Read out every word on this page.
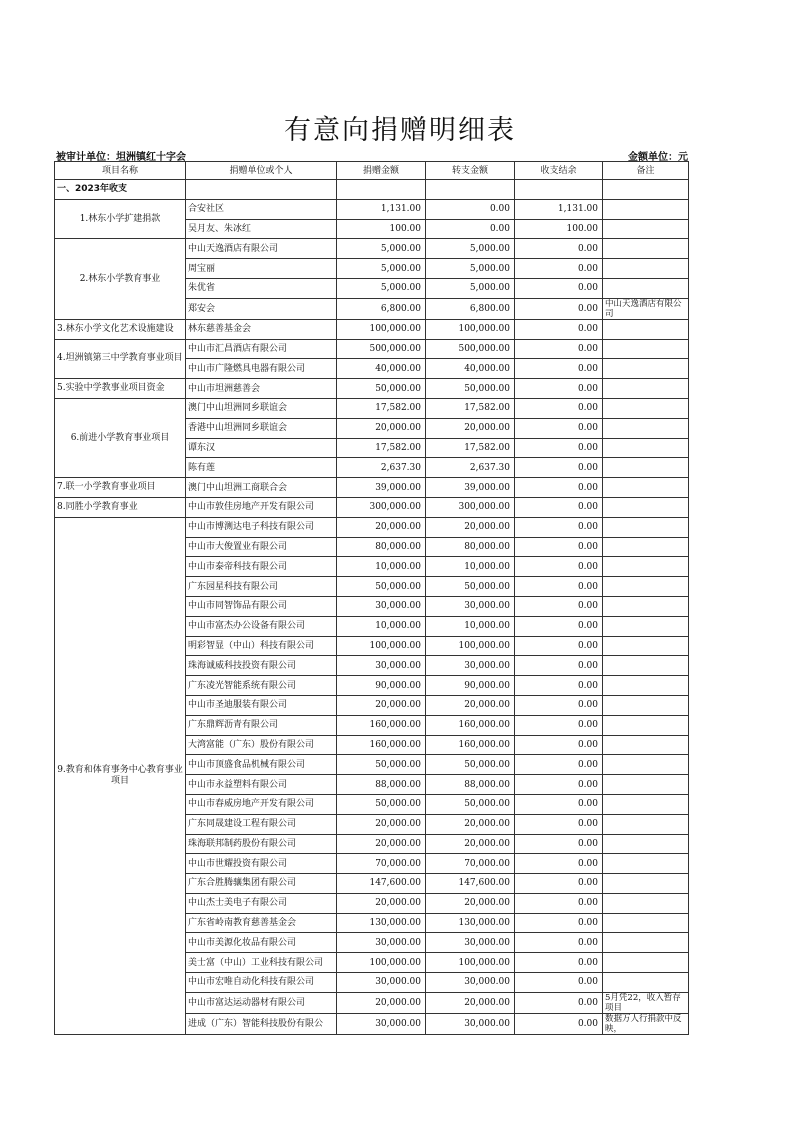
有意向捐赠明细表
被审计单位：坦洲镇红十字会	金额单位：元
项目名称	捐赠单位或个人	捐赠金额	转支金额	收支结余	备注
一、2023年收支					
1.林东小学扩建捐款	合安社区	1,131.00	0.00	1,131.00	
吴月友、朱冰红	100.00	0.00	100.00	
2.林东小学教育事业	中山天逸酒店有限公司	5,000.00	5,000.00	0.00	
周宝丽	5,000.00	5,000.00	0.00	
朱优省	5,000.00	5,000.00	0.00	
郑安会	6,800.00	6,800.00	0.00	中山天逸酒店有限公司
3.林东小学文化艺术设施建设	林东慈善基金会	100,000.00	100,000.00	0.00	
4.坦洲镇第三中学教育事业项目	中山市汇昌酒店有限公司	500,000.00	500,000.00	0.00	
中山市广隆燃具电器有限公司	40,000.00	40,000.00	0.00	
5.实验中学教事业项目资金	中山市坦洲慈善会	50,000.00	50,000.00	0.00	
6.前进小学教育事业项目	澳门中山坦洲同乡联谊会	17,582.00	17,582.00	0.00	
香港中山坦洲同乡联谊会	20,000.00	20,000.00	0.00	
谭东汉	17,582.00	17,582.00	0.00	
陈有莲	2,637.30	2,637.30	0.00	
7.联一小学教育事业项目	澳门中山坦洲工商联合会	39,000.00	39,000.00	0.00	
8.同胜小学教育事业	中山市敦佳房地产开发有限公司	300,000.00	300,000.00	0.00	
9.教育和体育事务中心教育事业项目	中山市博测达电子科技有限公司	20,000.00	20,000.00	0.00	
中山市大俊置业有限公司	80,000.00	80,000.00	0.00	
中山市泰帝科技有限公司	10,000.00	10,000.00	0.00	
广东园星科技有限公司	50,000.00	50,000.00	0.00	
中山市同智饰品有限公司	30,000.00	30,000.00	0.00	
中山市富杰办公设备有限公司	10,000.00	10,000.00	0.00	
明彩智显（中山）科技有限公司	100,000.00	100,000.00	0.00	
珠海诚威科技投资有限公司	30,000.00	30,000.00	0.00	
广东凌光智能系统有限公司	90,000.00	90,000.00	0.00	
中山市圣迪服装有限公司	20,000.00	20,000.00	0.00	
广东鼎辉沥青有限公司	160,000.00	160,000.00	0.00	
大湾富能（广东）股份有限公司	160,000.00	160,000.00	0.00	
中山市顶盛食品机械有限公司	50,000.00	50,000.00	0.00	
中山市永益塑料有限公司	88,000.00	88,000.00	0.00	
中山市春威房地产开发有限公司	50,000.00	50,000.00	0.00	
广东同晟建设工程有限公司	20,000.00	20,000.00	0.00	
珠海联邦制药股份有限公司	20,000.00	20,000.00	0.00	
中山市世耀投资有限公司	70,000.00	70,000.00	0.00	
广东合胜腾骧集团有限公司	147,600.00	147,600.00	0.00	
中山杰士美电子有限公司	20,000.00	20,000.00	0.00	
广东省岭南教育慈善基金会	130,000.00	130,000.00	0.00	
中山市美源化妆品有限公司	30,000.00	30,000.00	0.00	
美士富（中山）工业科技有限公司	100,000.00	100,000.00	0.00	
中山市宏唯自动化科技有限公司	30,000.00	30,000.00	0.00	
中山市富达运动器材有限公司	20,000.00	20,000.00	0.00	5月凭22，收入暂存项目
进成（广东）智能科技股份有限公	30,000.00	30,000.00	0.00	数据万人行捐款中反映，
